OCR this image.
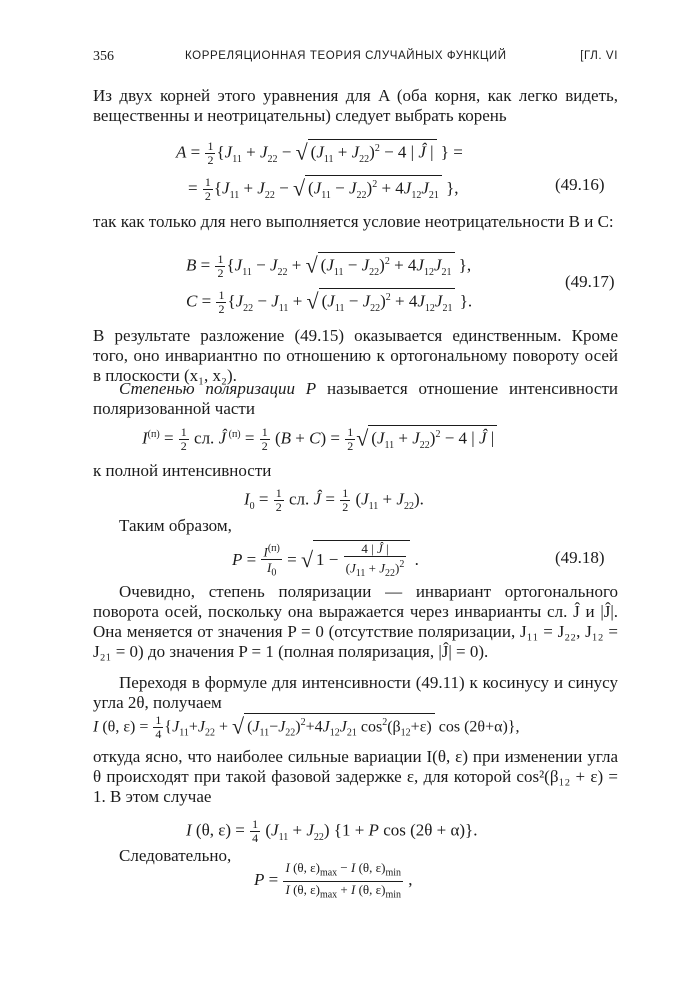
356	КОРРЕЛЯЦИОННАЯ ТЕОРИЯ СЛУЧАЙНЫХ ФУНКЦИЙ	[ГЛ. VI
Из двух корней этого уравнения для A (оба корня, как легко видеть, вещественны и неотрицательны) следует выбрать корень
$A = \frac{1}{2} \{J_{11} + J_{22}$ − √ $(J_{11} + J_{22})^2 - 4$ | Ĵ | } =
= $\frac{1}{2} \{J_{11} + J_{22}$ − √ $(J_{11} - J_{22})^2 + 4J_{12}J_{21}$ },	(49.16)
так как только для него выполняется условие неотрицательности B и C:
$B = \frac{1}{2} \{J_{11} - J_{22}$ + √ $(J_{11} - J_{22})^2 + 4J_{12}J_{21}$ },
$C = \frac{1}{2} \{J_{22} - J_{11}$ + √ $(J_{11} - J_{22})^2 + 4J_{12}J_{21}$ }.
(49.17)
В результате разложение (49.15) оказывается единственным. Кроме того, оно инвариантно по отношению к ортогональному повороту осей в плоскости (x₁, x₂).
Степенью поляризации P называется отношение интенсивности поляризованной части
$I^{(п)} = \frac{1}{2}$ сл. Ĵ $^{(п)} = \frac{1}{2} (B + C) = \frac{1}{2}$ √ $(J_{11} + J_{22})^2 - 4$ | Ĵ |
к полной интенсивности
$I_0 = \frac{1}{2}$ сл. Ĵ = $\frac{1}{2} (J_{11} + J_{22})$.
Таким образом,
$P = \frac{I^{(п)}}{I_0}$ = √ $1 - \frac{4 | Ĵ |}{(J_{11} + J_{22})^2}$ .	(49.18)
Очевидно, степень поляризации — инвариант ортогонального поворота осей, поскольку она выражается через инварианты сл. Ĵ и |Ĵ|. Она меняется от значения P = 0 (отсутствие поляризации, J₁₁ = J₂₂, J₁₂ = J₂₁ = 0) до значения P = 1 (полная поляризация, |Ĵ| = 0).
Переходя в формуле для интенсивности (49.11) к косинусу и синусу угла 2θ, получаем
I (θ, $\varepsilon) = \frac{1}{4} \{J_{11}+J_{22}$ + √ $(J_{11}-J_{22})^2+4J_{12}J_{21}$ $\cos^2(\beta_{12}+\varepsilon)$ cos (2θ+α)},
откуда ясно, что наиболее сильные вариации I(θ, ε) при изменении угла θ происходят при такой фазовой задержке ε, для которой cos²(β₁₂ + ε) = 1. В этом случае
I (θ, $\varepsilon) = \frac{1}{4} (J_{11} + J_{22}) \{1 + P$ cos (2θ + α)}.
Следовательно,
$P = \frac{I (\theta, \varepsilon)_{max} - I (\theta, \varepsilon)_{min}}{I (\theta, \varepsilon)_{max} + I (\theta, \varepsilon)_{min}}$ ,
